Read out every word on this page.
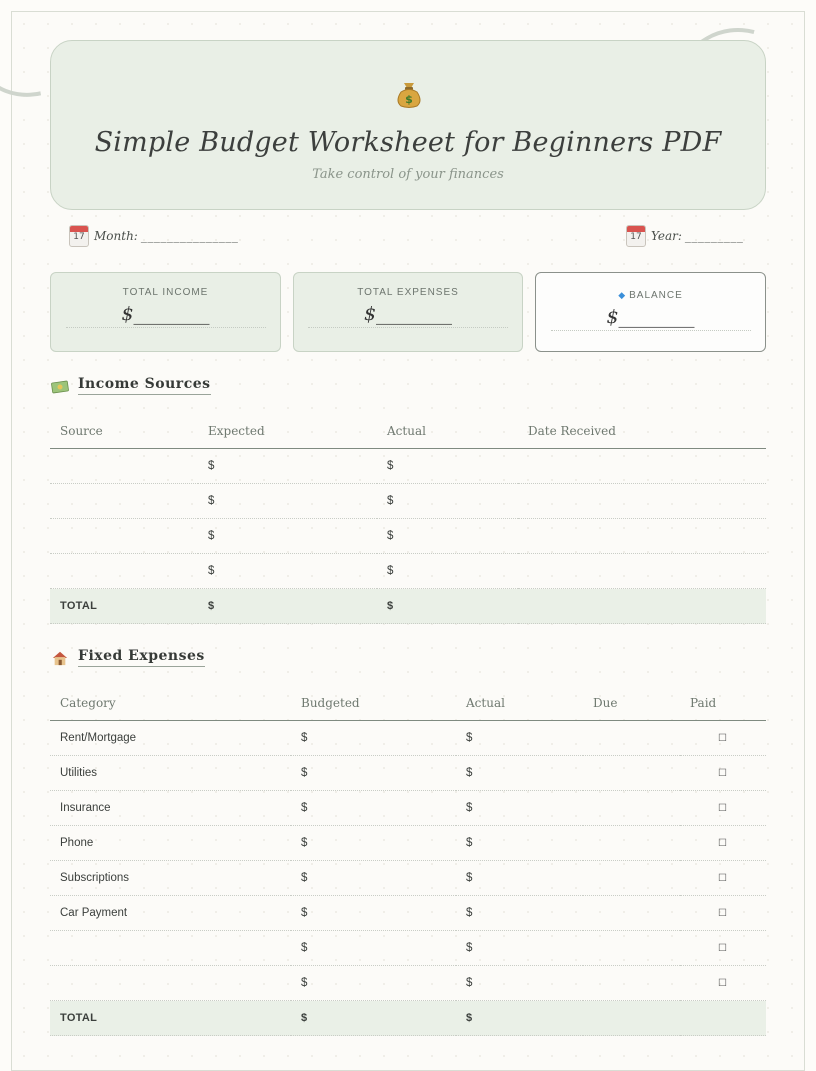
$
Simple Budget Worksheet for Beginners PDF
Take control of your finances
17 Month: _______________	17 Year: _________
TOTAL INCOME
$________
TOTAL EXPENSES
$________
◆ BALANCE
$________
Income Sources
Source	Expected	Actual	Date Received
	$	$	
	$	$	
	$	$	
	$	$	
TOTAL	$	$	
Fixed Expenses
Category	Budgeted	Actual	Due	Paid
Rent/Mortgage	$	$		☐
Utilities	$	$		☐
Insurance	$	$		☐
Phone	$	$		☐
Subscriptions	$	$		☐
Car Payment	$	$		☐
	$	$		☐
	$	$		☐
TOTAL	$	$		
